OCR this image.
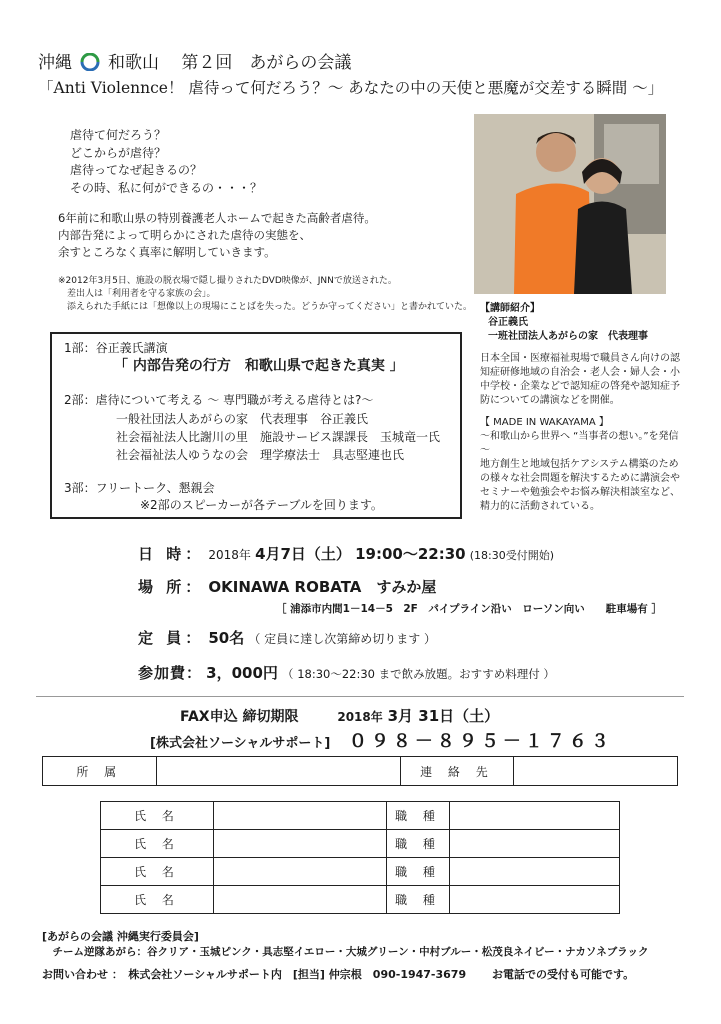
沖縄 和歌山　 第２回　あがらの会議
「Anti Violennce！ 虐待って何だろう？～ あなたの中の天使と悪魔が交差する瞬間 ～」
虐待て何だろう？
どこからが虐待？
虐待ってなぜ起きるの？
その時、私に何ができるの・・・？
6年前に和歌山県の特別養護老人ホームで起きた高齢者虐待。
内部告発によって明らかにされた虐待の実態を、
余すところなく真率に解明していきます。
※2012年3月5日、施設の脱衣場で隠し撮りされたDVD映像が、JNNで放送された。
　差出人は「利用者を守る家族の会」。
　添えられた手紙には「想像以上の現場にことばを失った。どうか守ってください」と書かれていた。 【講師紹介】
谷正義氏
一班社団法人あがらの家　代表理事
日本全国・医療福祉現場で職員さん向けの認知症研修地域の自治会・老人会・婦人会・小中学校・企業などで認知症の啓発や認知症予防についての講演などを開催。
【 MADE IN WAKAYAMA 】
～和歌山から世界へ “当事者の想い。”を発信 ～
地方創生と地域包括ケアシステム構築のための様々な社会問題を解決するために講演会やセミナーや勉強会やお悩み解決相談室など、精力的に活動されている。
1部：谷正義氏講演
「 内部告発の行方　和歌山県で起きた真実 」
2部：虐待について考える ～ 専門職が考える虐待とは?～
一般社団法人あがらの家　代表理事　谷正義氏
社会福祉法人比謝川の里　施設サービス課課長　玉城竜一氏
社会福祉法人ゆうなの会　理学療法士　具志堅連也氏
3部：フリートーク、懇親会
※2部のスピーカーが各テーブルを回ります。
日 時： 2018年 4月7日（土） 19:00～22:30 (18:30受付開始)
場 所： OKINAWA ROBATA　すみか屋
［ 浦添市内間1－14－5　2F　パイプライン沿い　ローソン向い　　駐車場有 ］
定 員： 50名 （ 定員に達し次第締め切ります ）
参加費： 3，000円 （ 18:30～22:30 まで飲み放題。おすすめ料理付 ）
FAX申込 締切期限	2018年 3月 31日（土）
[株式会社ソーシャルサポート] ０９８－８９５－１７６３
所 属		連 絡 先	
氏 名		職 種	
氏 名		職 種	
氏 名		職 種	
氏 名		職 種	
[あがらの会議 沖縄実行委員会]
　チーム逆隊あがら：谷クリア・玉城ピンク・具志堅イエロー・大城グリーン・中村ブルー・松茂良ネイビー・ナカソネブラック
お問い合わせ ：　株式会社ソーシャルサポート内　[担当] 仲宗根　090-1947-3679 お電話での受付も可能です。
